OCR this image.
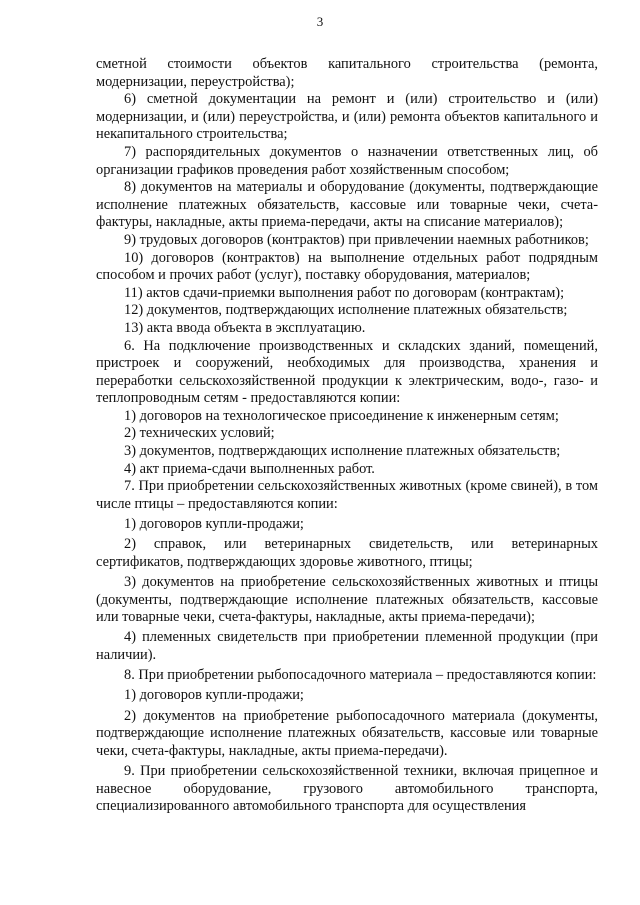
3

сметной стоимости объектов капитального строительства (ремонта, модернизации, переустройства);

6) сметной документации на ремонт и (или) строительство и (или) модернизации, и (или) переустройства, и (или) ремонта объектов капитального и некапитального строительства;

7) распорядительных документов о назначении ответственных лиц, об организации графиков проведения работ хозяйственным способом;

8) документов на материалы и оборудование (документы, подтверждающие исполнение платежных обязательств, кассовые или товарные чеки, счета-фактуры, накладные, акты приема-передачи, акты на списание материалов);

9) трудовых договоров (контрактов) при привлечении наемных работников;

10) договоров (контрактов) на выполнение отдельных работ подрядным способом и прочих работ (услуг), поставку оборудования, материалов;

11) актов сдачи-приемки выполнения работ по договорам (контрактам);

12) документов, подтверждающих исполнение платежных обязательств;

13) акта ввода объекта в эксплуатацию.

6. На подключение производственных и складских зданий, помещений, пристроек и сооружений, необходимых для производства, хранения и переработки сельскохозяйственной продукции к электрическим, водо-, газо- и теплопроводным сетям - предоставляются копии:

1) договоров на технологическое присоединение к инженерным сетям;

2) технических условий;

3) документов, подтверждающих исполнение платежных обязательств;

4) акт приема-сдачи выполненных работ.

7. При приобретении сельскохозяйственных животных (кроме свиней), в том числе птицы – предоставляются копии:

1) договоров купли-продажи;

2) справок, или ветеринарных свидетельств, или ветеринарных сертификатов, подтверждающих здоровье животного, птицы;

3) документов на приобретение сельскохозяйственных животных и птицы (документы, подтверждающие исполнение платежных обязательств, кассовые или товарные чеки, счета-фактуры, накладные, акты приема-передачи);

4) племенных свидетельств при приобретении племенной продукции (при наличии).

8. При приобретении рыбопосадочного материала – предоставляются копии:

1) договоров купли-продажи;

2) документов на приобретение рыбопосадочного материала (документы, подтверждающие исполнение платежных обязательств, кассовые или товарные чеки, счета-фактуры, накладные, акты приема-передачи).

9. При приобретении сельскохозяйственной техники, включая прицепное и навесное оборудование, грузового автомобильного транспорта, специализированного автомобильного транспорта для осуществления
